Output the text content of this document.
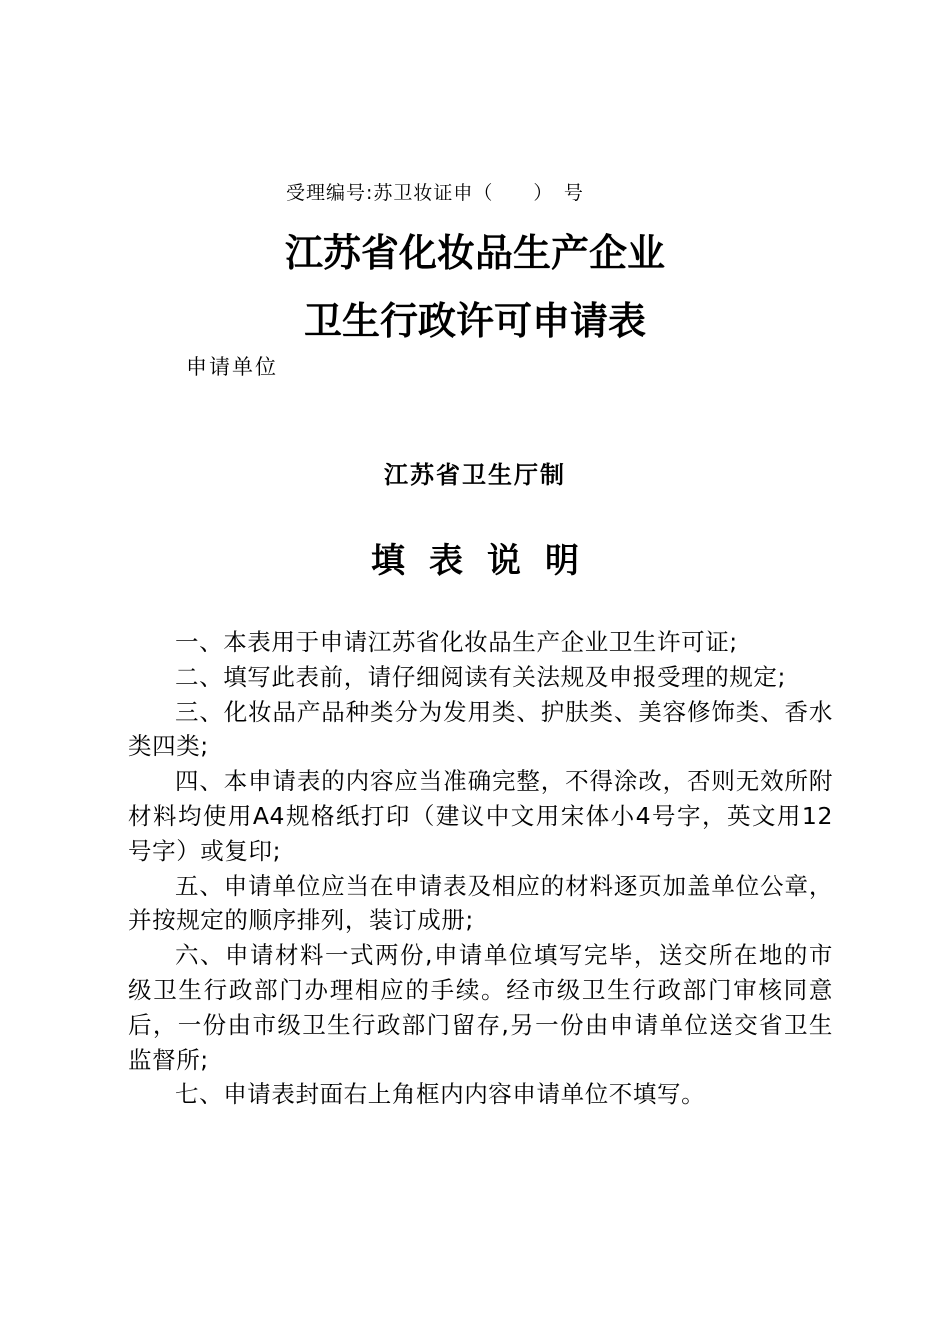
受理编号:苏卫妆证申（　　）　号
江苏省化妆品生产企业
卫生行政许可申请表
申请单位
江苏省卫生厅制
填表说明

一、本表用于申请江苏省化妆品生产企业卫生许可证;

二、填写此表前，请仔细阅读有关法规及申报受理的规定;

三、化妆品产品种类分为发用类、护肤类、美容修饰类、香水类四类;

四、本申请表的内容应当准确完整，不得涂改，否则无效所附材料均使用A4规格纸打印（建议中文用宋体小4号字，英文用12号字）或复印;

五、申请单位应当在申请表及相应的材料逐页加盖单位公章，并按规定的顺序排列，装订成册;

六、申请材料一式两份,申请单位填写完毕，送交所在地的市级卫生行政部门办理相应的手续。经市级卫生行政部门审核同意后，一份由市级卫生行政部门留存,另一份由申请单位送交省卫生监督所;

七、申请表封面右上角框内内容申请单位不填写。
